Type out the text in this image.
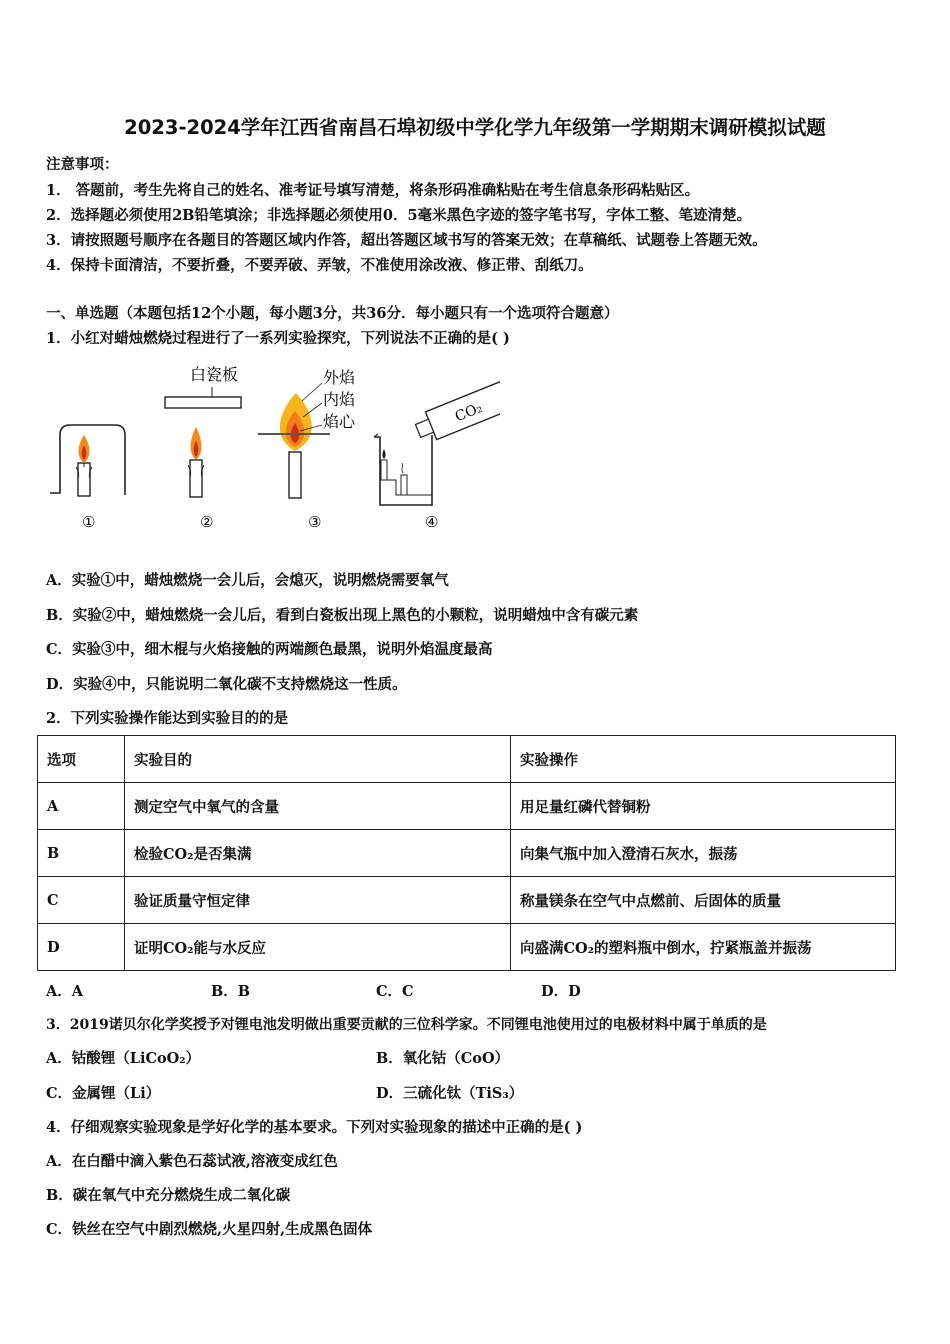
2023-2024学年江西省南昌石埠初级中学化学九年级第一学期期末调研模拟试题
注意事项：
1． 答题前，考生先将自己的姓名、准考证号填写清楚，将条形码准确粘贴在考生信息条形码粘贴区。
2．选择题必须使用2B铅笔填涂；非选择题必须使用0．5毫米黑色字迹的签字笔书写，字体工整、笔迹清楚。
3．请按照题号顺序在各题目的答题区域内作答，超出答题区域书写的答案无效；在草稿纸、试题卷上答题无效。
4．保持卡面清洁，不要折叠，不要弄破、弄皱，不准使用涂改液、修正带、刮纸刀。
一、单选题（本题包括12个小题，每小题3分，共36分．每小题只有一个选项符合题意）
1．小红对蜡烛燃烧过程进行了一系列实验探究，下列说法不正确的是( )
白瓷板	外焰
内焰
焰心	CO₂
①	②	③	④
A．实验①中，蜡烛燃烧一会儿后，会熄灭，说明燃烧需要氧气
B．实验②中，蜡烛燃烧一会儿后，看到白瓷板出现上黑色的小颗粒，说明蜡烛中含有碳元素
C．实验③中，细木棍与火焰接触的两端颜色最黑，说明外焰温度最高
D．实验④中，只能说明二氧化碳不支持燃烧这一性质。
2．下列实验操作能达到实验目的的是
选项	实验目的	实验操作
A	测定空气中氧气的含量	用足量红磷代替铜粉
B	检验CO₂是否集满	向集气瓶中加入澄清石灰水，振荡
C	验证质量守恒定律	称量镁条在空气中点燃前、后固体的质量
D	证明CO₂能与水反应	向盛满CO₂的塑料瓶中倒水，拧紧瓶盖并振荡
A．A	B．B	C．C	D．D
3．2019诺贝尔化学奖授予对锂电池发明做出重要贡献的三位科学家。不同锂电池使用过的电极材料中属于单质的是
A．钴酸锂（LiCoO₂）	B．氧化钴（CoO）
C．金属锂（Li）	D．三硫化钛（TiS₃）
4．仔细观察实验现象是学好化学的基本要求。下列对实验现象的描述中正确的是( )
A．在白醋中滴入紫色石蕊试液,溶液变成红色
B．碳在氧气中充分燃烧生成二氧化碳
C．铁丝在空气中剧烈燃烧,火星四射,生成黑色固体
